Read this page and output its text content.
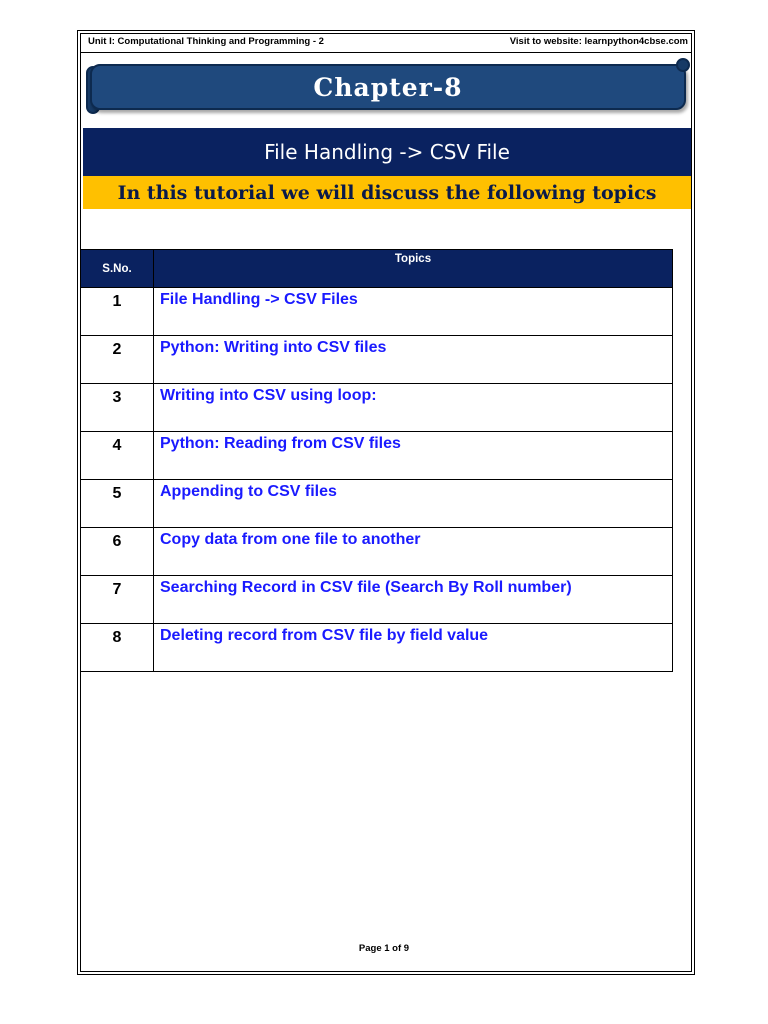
Unit I: Computational Thinking and Programming - 2	Visit to website: learnpython4cbse.com
Chapter-8
File Handling -> CSV File
In this tutorial we will discuss the following topics
S.No.	Topics
1	File Handling -> CSV Files
2	Python: Writing into CSV files
3	Writing into CSV using loop:
4	Python: Reading from CSV files
5	Appending to CSV files
6	Copy data from one file to another
7	Searching Record in CSV file (Search By Roll number)
8	Deleting record from CSV file by field value
Page 1 of 9
